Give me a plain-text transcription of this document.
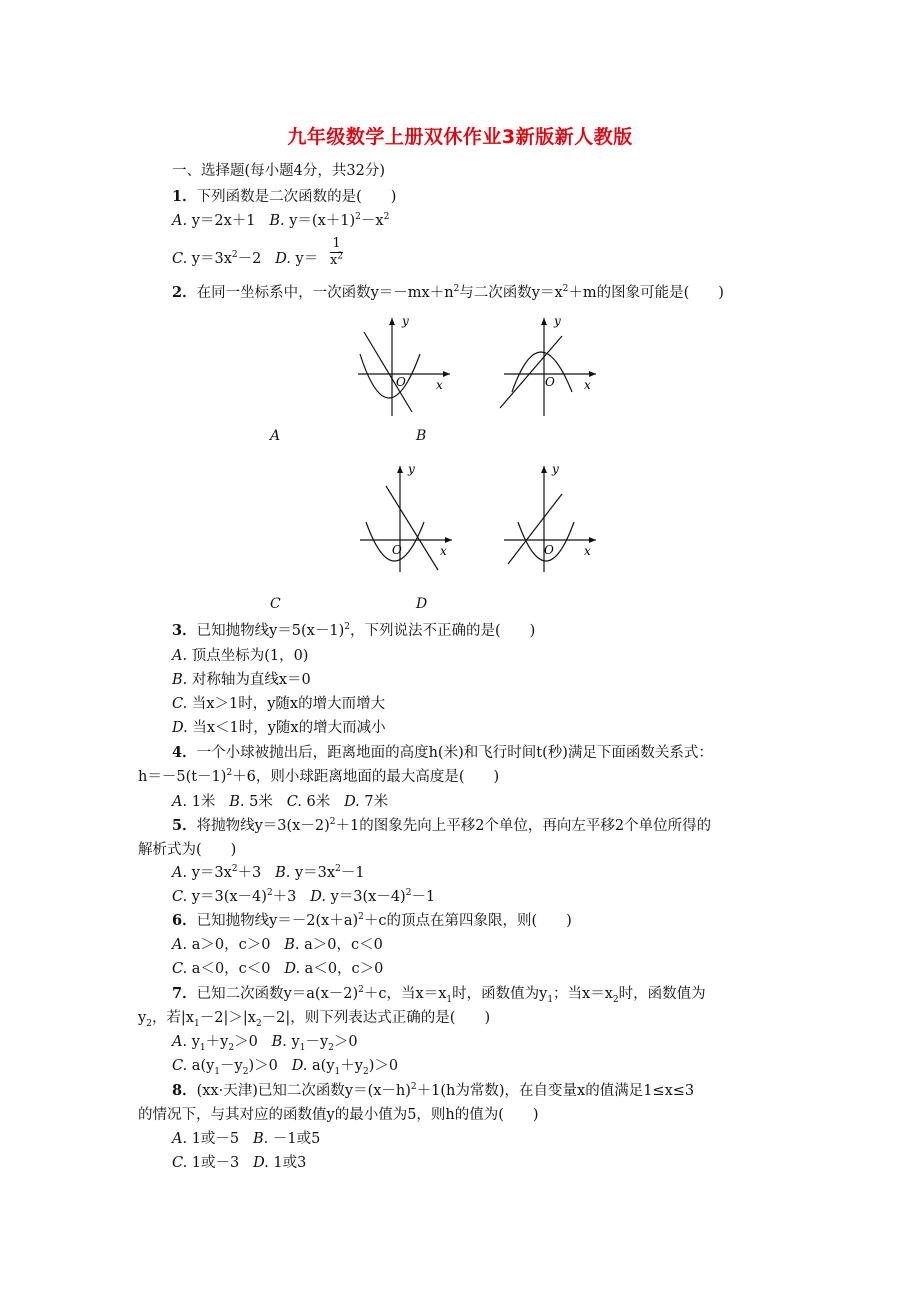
九年级数学上册双休作业3新版新人教版
一、选择题(每小题4分，共32分)
1．下列函数是二次函数的是(　　)
A. y＝2x＋1 B. $y=(x+1)^2-x^2$
C. $y=3x^2-2$ D. $y= \frac{1}{x^2}$
2．在同一坐标系中，一次函数$y=-mx+n^2$与二次函数$y=x^2+m$的图象可能是(　　)
y
x
O
A
y
x
O
B
y
x
O
C
y
x
O
D
3．已知抛物线$y=5(x-1)^2$，下列说法不正确的是(　　)
A. 顶点坐标为(1，0)
B. 对称轴为直线x＝0
C. 当x＞1时，y随x的增大而增大
D. 当x＜1时，y随x的增大而减小
4．一个小球被抛出后，距离地面的高度h(米)和飞行时间t(秒)满足下面函数关系式：
$h=-5(t-1)^2+6$，则小球距离地面的最大高度是(　　)
A. 1米 B. 5米 C. 6米 D. 7米
5．将抛物线$y=3(x-2)^2+1$的图象先向上平移2个单位，再向左平移2个单位所得的
解析式为(　　)
A. $y=3x^2+3$ B. $y=3x^2-1$
C. $y=3(x-4)^2+3$ D. $y=3(x-4)^2-1$
6．已知抛物线$y=-2(x+a)^2+c$的顶点在第四象限，则(　　)
A. a＞0，c＞0 B. a＞0，c＜0
C. a＜0，c＜0 D. a＜0，c＞0
7．已知二次函数$y=a(x-2)^2+c$，当$x=x_1$时，函数值为$y_1$；当$x=x_2$时，函数值为
$y_2$，若$|x_1-2|>|x_2-2|$，则下列表达式正确的是(　　)
A. $y_1+y_2>0$ B. $y_1-y_2>0$
C. $a(y_1-y_2)>0$ D. $a(y_1+y_2)>0$
8．(xx·天津)已知二次函数$y=(x-h)^2+1(h$为常数)，在自变量x的值满足1≤x≤3
的情况下，与其对应的函数值y的最小值为5，则h的值为(　　)
A. 1或－5 B. －1或5
C. 1或－3 D. 1或3
